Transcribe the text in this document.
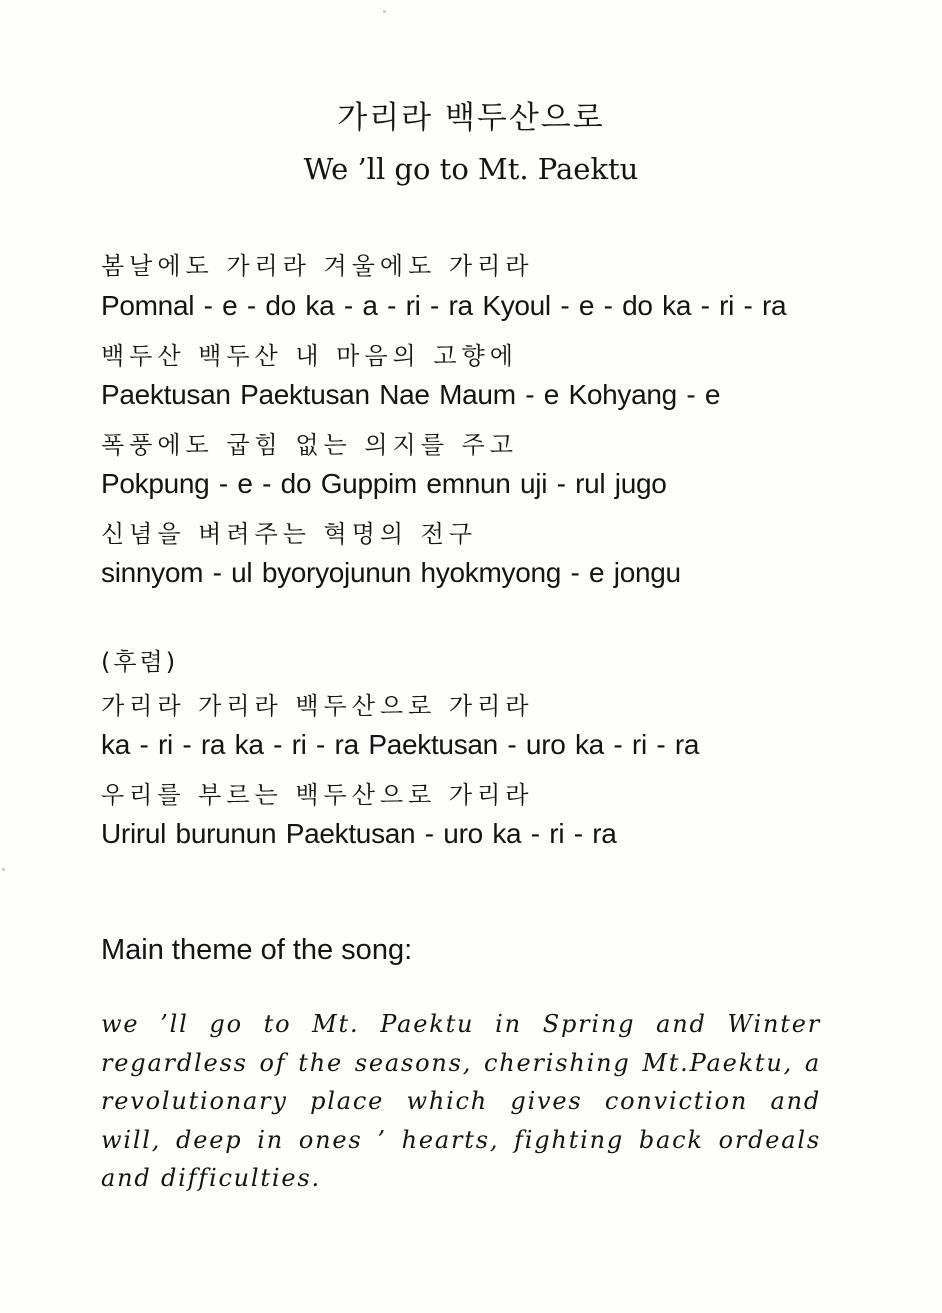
가리라 백두산으로
We ’ll go to Mt. Paektu
봄날에도 가리라 겨울에도 가리라
Pomnal - e - do ka - a - ri - ra Kyoul - e - do ka - ri - ra
백두산 백두산 내 마음의 고향에
Paektusan Paektusan Nae Maum - e Kohyang - e
폭풍에도 굽힘 없는 의지를 주고
Pokpung - e - do Guppim emnun uji - rul jugo
신념을 벼려주는 혁명의 전구
sinnyom - ul byoryojunun hyokmyong - e jongu
(후렴)
가리라 가리라 백두산으로 가리라
ka - ri - ra ka - ri - ra Paektusan - uro ka - ri - ra
우리를 부르는 백두산으로 가리라
Urirul burunun Paektusan - uro ka - ri - ra
Main theme of the song:
we ’ll go to Mt. Paektu in Spring and Winter regardless of the seasons, cherishing Mt.Paektu, a revolutionary place which gives conviction and will, deep in ones ’ hearts, fighting back ordeals and difficulties.
